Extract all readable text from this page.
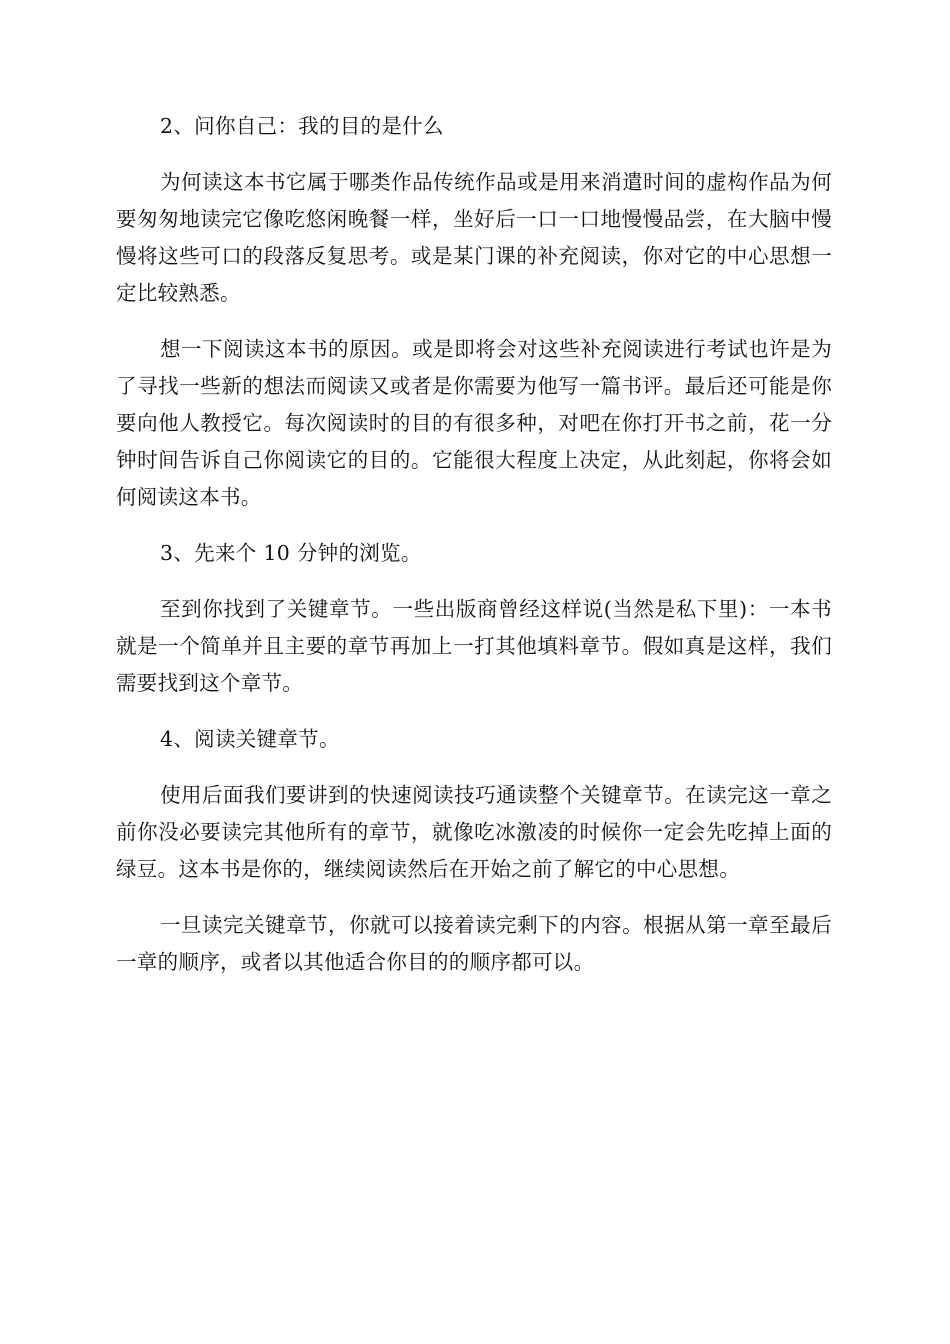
2、问你自己：我的目的是什么

为何读这本书它属于哪类作品传统作品或是用来消遣时间的虚构作品为何要匆匆地读完它像吃悠闲晚餐一样，坐好后一口一口地慢慢品尝，在大脑中慢慢将这些可口的段落反复思考。或是某门课的补充阅读，你对它的中心思想一定比较熟悉。

想一下阅读这本书的原因。或是即将会对这些补充阅读进行考试也许是为了寻找一些新的想法而阅读又或者是你需要为他写一篇书评。最后还可能是你要向他人教授它。每次阅读时的目的有很多种，对吧在你打开书之前，花一分钟时间告诉自己你阅读它的目的。它能很大程度上决定，从此刻起，你将会如何阅读这本书。

3、先来个 10 分钟的浏览。

至到你找到了关键章节。一些出版商曾经这样说(当然是私下里)：一本书就是一个简单并且主要的章节再加上一打其他填料章节。假如真是这样，我们需要找到这个章节。

4、阅读关键章节。

使用后面我们要讲到的快速阅读技巧通读整个关键章节。在读完这一章之前你没必要读完其他所有的章节，就像吃冰激凌的时候你一定会先吃掉上面的绿豆。这本书是你的，继续阅读然后在开始之前了解它的中心思想。

一旦读完关键章节，你就可以接着读完剩下的内容。根据从第一章至最后一章的顺序，或者以其他适合你目的的顺序都可以。
